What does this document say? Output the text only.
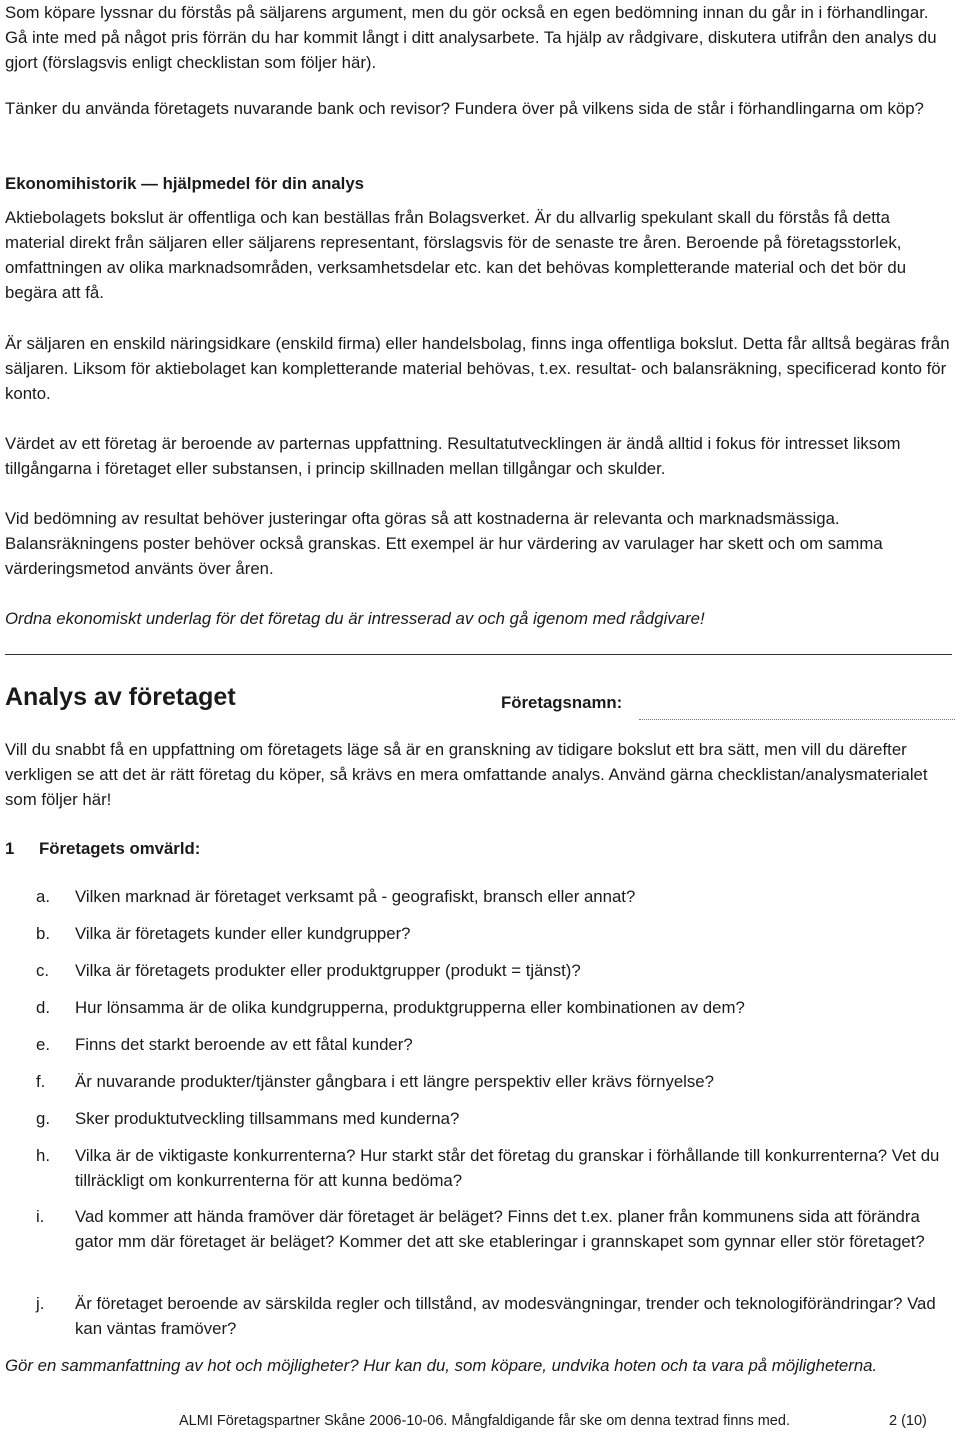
Som köpare lyssnar du förstås på säljarens argument, men du gör också en egen bedömning innan du går in i förhandlingar. Gå inte med på något pris förrän du har kommit långt i ditt analysarbete. Ta hjälp av rådgivare, diskutera utifrån den analys du gjort (förslagsvis enligt checklistan som följer här).

Tänker du använda företagets nuvarande bank och revisor? Fundera över på vilkens sida de står i förhandlingarna om köp?

Ekonomihistorik — hjälpmedel för din analys

Aktiebolagets bokslut är offentliga och kan beställas från Bolagsverket. Är du allvarlig spekulant skall du förstås få detta material direkt från säljaren eller säljarens representant, förslagsvis för de senaste tre åren. Beroende på företagsstorlek, omfattningen av olika marknadsområden, verksamhetsdelar etc. kan det behövas kompletterande material och det bör du begära att få.

Är säljaren en enskild näringsidkare (enskild firma) eller handelsbolag, finns inga offentliga bokslut. Detta får alltså begäras från säljaren. Liksom för aktiebolaget kan kompletterande material behövas, t.ex. resultat- och balansräkning, specificerad konto för konto.

Värdet av ett företag är beroende av parternas uppfattning. Resultatutvecklingen är ändå alltid i fokus för intresset liksom tillgångarna i företaget eller substansen, i princip skillnaden mellan tillgångar och skulder.

Vid bedömning av resultat behöver justeringar ofta göras så att kostnaderna är relevanta och marknadsmässiga. Balansräkningens poster behöver också granskas. Ett exempel är hur värdering av varulager har skett och om samma värderingsmetod använts över åren.

Ordna ekonomiskt underlag för det företag du är intresserad av och gå igenom med rådgivare!

Analys av företaget	Företagsnamn:

Vill du snabbt få en uppfattning om företagets läge så är en granskning av tidigare bokslut ett bra sätt, men vill du därefter verkligen se att det är rätt företag du köper, så krävs en mera omfattande analys. Använd gärna checklistan/analysmaterialet som följer här!

1 Företagets omvärld:

a. Vilken marknad är företaget verksamt på - geografiskt, bransch eller annat?
b. Vilka är företagets kunder eller kundgrupper?
c. Vilka är företagets produkter eller produktgrupper (produkt = tjänst)?
d. Hur lönsamma är de olika kundgrupperna, produktgrupperna eller kombinationen av dem?
e. Finns det starkt beroende av ett fåtal kunder?
f. Är nuvarande produkter/tjänster gångbara i ett längre perspektiv eller krävs förnyelse?
g. Sker produktutveckling tillsammans med kunderna?
h. Vilka är de viktigaste konkurrenterna? Hur starkt står det företag du granskar i förhållande till konkurrenterna? Vet du tillräckligt om konkurrenterna för att kunna bedöma?
i. Vad kommer att hända framöver där företaget är beläget? Finns det t.ex. planer från kommunens sida att förändra gator mm där företaget är beläget? Kommer det att ske etableringar i grannskapet som gynnar eller stör företaget?
j. Är företaget beroende av särskilda regler och tillstånd, av modesvängningar, trender och teknologiförändringar? Vad kan väntas framöver?

Gör en sammanfattning av hot och möjligheter? Hur kan du, som köpare, undvika hoten och ta vara på möjligheterna.

ALMI Företagspartner Skåne 2006-10-06. Mångfaldigande får ske om denna textrad finns med.	2 (10)
